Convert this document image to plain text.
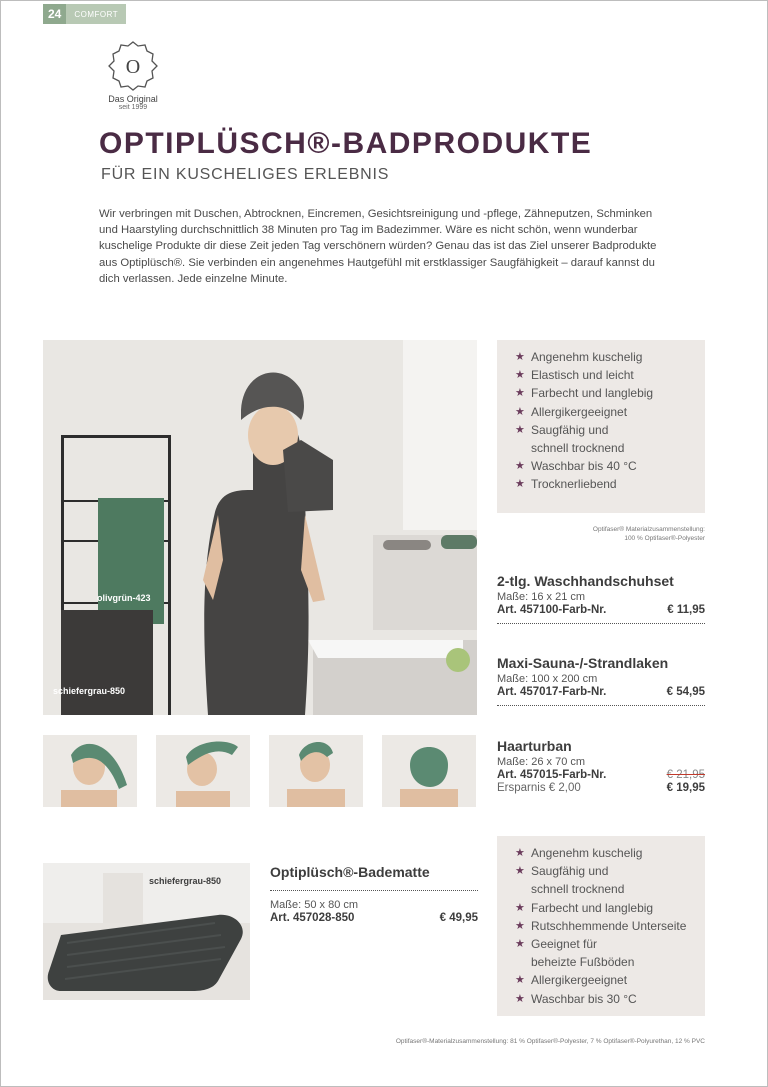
24	COMFORT
O
Das Original
seit 1999
OPTIPLÜSCH®-BADPRODUKTE
FÜR EIN KUSCHELIGES ERLEBNIS
Wir verbringen mit Duschen, Abtrocknen, Eincremen, Gesichtsreinigung und -pflege, Zähneputzen, Schminken und Haarstyling durchschnittlich 38 Minuten pro Tag im Badezimmer. Wäre es nicht schön, wenn wunderbar kuschelige Produkte dir diese Zeit jeden Tag verschönern würden? Genau das ist das Ziel unserer Badprodukte aus Optiplüsch®. Sie verbinden ein angenehmes Hautgefühl mit erstklassiger Saugfähigkeit – darauf kannst du dich verlassen. Jede einzelne Minute.
olivgrün-423
schiefergrau-850
★ Angenehm kuschelig
★ Elastisch und leicht
★ Farbecht und langlebig
★ Allergikergeeignet
★ Saugfähig und
schnell trocknend
★ Waschbar bis 40 °C
★ Trocknerliebend
Optifaser® Materialzusammenstellung:
100 % Optifaser®-Polyester
2-tlg. Waschhandschuhset
Maße: 16 x 21 cm
Art. 457100-Farb-Nr.	€ 11,95
Maxi-Sauna-/-Strandlaken
Maße: 100 x 200 cm
Art. 457017-Farb-Nr.	€ 54,95
Haarturban
Maße: 26 x 70 cm
Art. 457015-Farb-Nr.	€ 21,95
Ersparnis € 2,00	€ 19,95
schiefergrau-850
Optiplüsch®-Badematte
Maße: 50 x 80 cm
Art. 457028-850	€ 49,95
★ Angenehm kuschelig
★ Saugfähig und
schnell trocknend
★ Farbecht und langlebig
★ Rutschhemmende Unterseite
★ Geeignet für
beheizte Fußböden
★ Allergikergeeignet
★ Waschbar bis 30 °C
Optifaser®-Materialzusammenstellung: 81 % Optifaser®-Polyester, 7 % Optifaser®-Polyurethan, 12 % PVC
